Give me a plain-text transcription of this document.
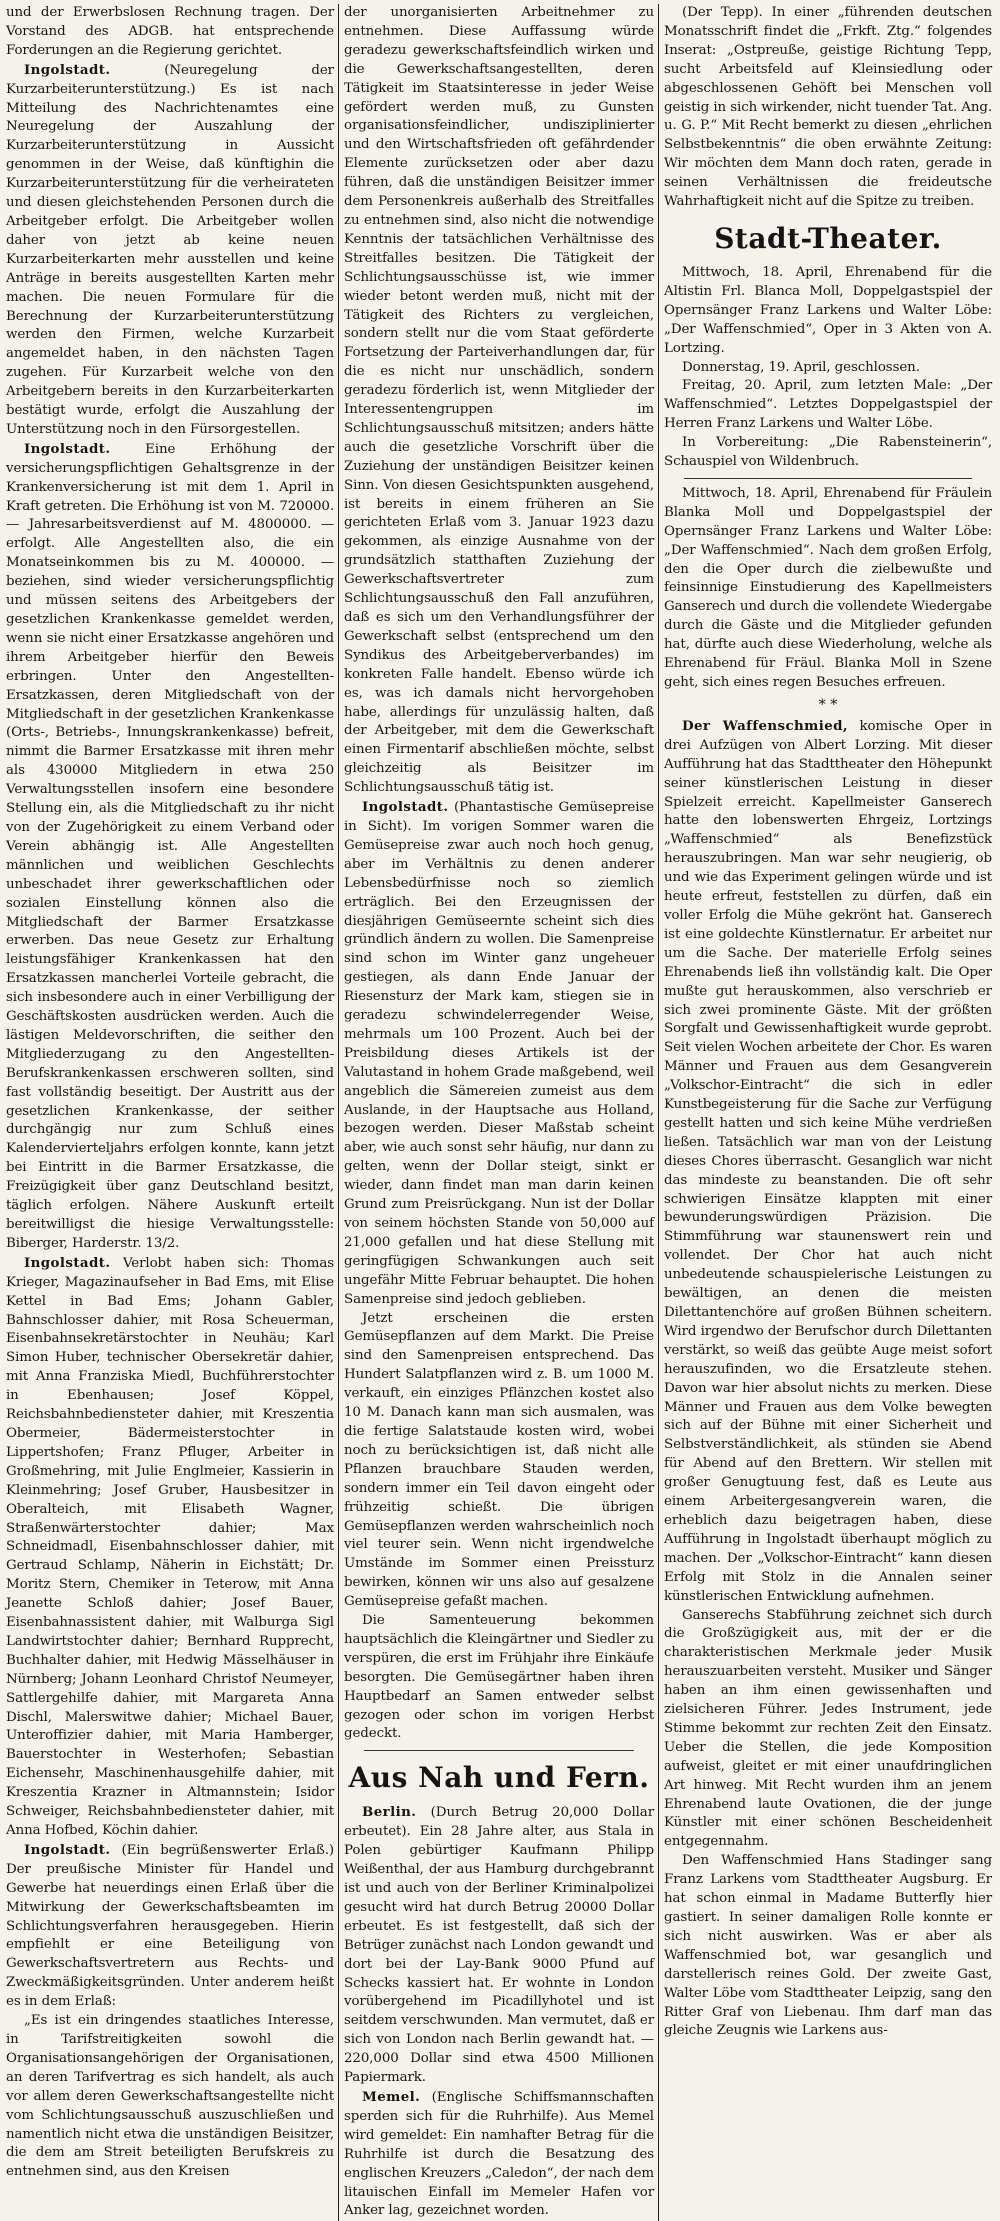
und der Erwerbslosen Rechnung tragen. Der Vorstand des ADGB. hat entsprechende Forderungen an die Regierung gerichtet.

Ingolstadt. (Neuregelung der Kurzarbeiterunterstützung.) Es ist nach Mitteilung des Nachrichtenamtes eine Neuregelung der Auszahlung der Kurzarbeiterunterstützung in Aussicht genommen in der Weise, daß künftighin die Kurzarbeiterunterstützung für die verheirateten und diesen gleichstehenden Personen durch die Arbeitgeber erfolgt. Die Arbeitgeber wollen daher von jetzt ab keine neuen Kurzarbeiterkarten mehr ausstellen und keine Anträge in bereits ausgestellten Karten mehr machen. Die neuen Formulare für die Berechnung der Kurzarbeiterunterstützung werden den Firmen, welche Kurzarbeit angemeldet haben, in den nächsten Tagen zugehen. Für Kurzarbeit welche von den Arbeitgebern bereits in den Kurzarbeiterkarten bestätigt wurde, erfolgt die Auszahlung der Unterstützung noch in den Fürsorgestellen.

Ingolstadt. Eine Erhöhung der versicherungspflichtigen Gehaltsgrenze in der Krankenversicherung ist mit dem 1. April in Kraft getreten. Die Erhöhung ist von M. 720000. — Jahresarbeitsverdienst auf M. 4800000. — erfolgt. Alle Angestellten also, die ein Monatseinkommen bis zu M. 400000. — beziehen, sind wieder versicherungspflichtig und müssen seitens des Arbeitgebers der gesetzlichen Krankenkasse gemeldet werden, wenn sie nicht einer Ersatzkasse angehören und ihrem Arbeitgeber hierfür den Beweis erbringen. Unter den Angestellten-Ersatzkassen, deren Mitgliedschaft von der Mitgliedschaft in der gesetzlichen Krankenkasse (Orts-, Betriebs-, Innungskrankenkasse) befreit, nimmt die Barmer Ersatzkasse mit ihren mehr als 430000 Mitgliedern in etwa 250 Verwaltungsstellen insofern eine besondere Stellung ein, als die Mitgliedschaft zu ihr nicht von der Zugehörigkeit zu einem Verband oder Verein abhängig ist. Alle Angestellten männlichen und weiblichen Geschlechts unbeschadet ihrer gewerkschaftlichen oder sozialen Einstellung können also die Mitgliedschaft der Barmer Ersatzkasse erwerben. Das neue Gesetz zur Erhaltung leistungsfähiger Krankenkassen hat den Ersatzkassen mancherlei Vorteile gebracht, die sich insbesondere auch in einer Verbilligung der Geschäftskosten ausdrücken werden. Auch die lästigen Meldevorschriften, die seither den Mitgliederzugang zu den Angestellten-Berufskrankenkassen erschweren sollten, sind fast vollständig beseitigt. Der Austritt aus der gesetzlichen Krankenkasse, der seither durchgängig nur zum Schluß eines Kalendervierteljahrs erfolgen konnte, kann jetzt bei Eintritt in die Barmer Ersatzkasse, die Freizügigkeit über ganz Deutschland besitzt, täglich erfolgen. Nähere Auskunft erteilt bereitwilligst die hiesige Verwaltungsstelle: Biberger, Harderstr. 13/2.

Ingolstadt. Verlobt haben sich: Thomas Krieger, Magazinaufseher in Bad Ems, mit Elise Kettel in Bad Ems; Johann Gabler, Bahnschlosser dahier, mit Rosa Scheuerman, Eisenbahnsekretärstochter in Neuhäu; Karl Simon Huber, technischer Obersekretär dahier, mit Anna Franziska Miedl, Buchführerstochter in Ebenhausen; Josef Köppel, Reichsbahnbediensteter dahier, mit Kreszentia Obermeier, Bädermeisterstochter in Lippertshofen; Franz Pfluger, Arbeiter in Großmehring, mit Julie Englmeier, Kassierin in Kleinmehring; Josef Gruber, Hausbesitzer in Oberalteich, mit Elisabeth Wagner, Straßenwärterstochter dahier; Max Schneidmadl, Eisenbahnschlosser dahier, mit Gertraud Schlamp, Näherin in Eichstätt; Dr. Moritz Stern, Chemiker in Teterow, mit Anna Jeanette Schloß dahier; Josef Bauer, Eisenbahnassistent dahier, mit Walburga Sigl Landwirtstochter dahier; Bernhard Rupprecht, Buchhalter dahier, mit Hedwig Mässelhäuser in Nürnberg; Johann Leonhard Christof Neumeyer, Sattlergehilfe dahier, mit Margareta Anna Dischl, Malerswitwe dahier; Michael Bauer, Unteroffizier dahier, mit Maria Hamberger, Bauerstochter in Westerhofen; Sebastian Eichensehr, Maschinenhausgehilfe dahier, mit Kreszentia Krazner in Altmannstein; Isidor Schweiger, Reichsbahnbediensteter dahier, mit Anna Hofbed, Köchin dahier.

Ingolstadt. (Ein begrüßenswerter Erlaß.) Der preußische Minister für Handel und Gewerbe hat neuerdings einen Erlaß über die Mitwirkung der Gewerkschaftsbeamten im Schlichtungsverfahren herausgegeben. Hierin empfiehlt er eine Beteiligung von Gewerkschaftsvertretern aus Rechts- und Zweckmäßigkeitsgründen. Unter anderem heißt es in dem Erlaß:

„Es ist ein dringendes staatliches Interesse, in Tarifstreitigkeiten sowohl die Organisationsangehörigen der Organisationen, an deren Tarifvertrag es sich handelt, als auch vor allem deren Gewerkschaftsangestellte nicht vom Schlichtungsausschuß auszuschließen und namentlich nicht etwa die unständigen Beisitzer, die dem am Streit beteiligten Berufskreis zu entnehmen sind, aus den Kreisen

der unorganisierten Arbeitnehmer zu entnehmen. Diese Auffassung würde geradezu gewerkschaftsfeindlich wirken und die Gewerkschaftsangestellten, deren Tätigkeit im Staatsinteresse in jeder Weise gefördert werden muß, zu Gunsten organisationsfeindlicher, undisziplinierter und den Wirtschaftsfrieden oft gefährdender Elemente zurücksetzen oder aber dazu führen, daß die unständigen Beisitzer immer dem Personenkreis außerhalb des Streitfalles zu entnehmen sind, also nicht die notwendige Kenntnis der tatsächlichen Verhältnisse des Streitfalles besitzen. Die Tätigkeit der Schlichtungsausschüsse ist, wie immer wieder betont werden muß, nicht mit der Tätigkeit des Richters zu vergleichen, sondern stellt nur die vom Staat geförderte Fortsetzung der Parteiverhandlungen dar, für die es nicht nur unschädlich, sondern geradezu förderlich ist, wenn Mitglieder der Interessentengruppen im Schlichtungsausschuß mitsitzen; anders hätte auch die gesetzliche Vorschrift über die Zuziehung der unständigen Beisitzer keinen Sinn. Von diesen Gesichtspunkten ausgehend, ist bereits in einem früheren an Sie gerichteten Erlaß vom 3. Januar 1923 dazu gekommen, als einzige Ausnahme von der grundsätzlich statthaften Zuziehung der Gewerkschaftsvertreter zum Schlichtungsausschuß den Fall anzuführen, daß es sich um den Verhandlungsführer der Gewerkschaft selbst (entsprechend um den Syndikus des Arbeitgeberverbandes) im konkreten Falle handelt. Ebenso würde ich es, was ich damals nicht hervorgehoben habe, allerdings für unzulässig halten, daß der Arbeitgeber, mit dem die Gewerkschaft einen Firmentarif abschließen möchte, selbst gleichzeitig als Beisitzer im Schlichtungsausschuß tätig ist.

Ingolstadt. (Phantastische Gemüsepreise in Sicht). Im vorigen Sommer waren die Gemüsepreise zwar auch noch hoch genug, aber im Verhältnis zu denen anderer Lebensbedürfnisse noch so ziemlich erträglich. Bei den Erzeugnissen der diesjährigen Gemüseernte scheint sich dies gründlich ändern zu wollen. Die Samenpreise sind schon im Winter ganz ungeheuer gestiegen, als dann Ende Januar der Riesensturz der Mark kam, stiegen sie in geradezu schwindelerregender Weise, mehrmals um 100 Prozent. Auch bei der Preisbildung dieses Artikels ist der Valutastand in hohem Grade maßgebend, weil angeblich die Sämereien zumeist aus dem Auslande, in der Hauptsache aus Holland, bezogen werden. Dieser Maßstab scheint aber, wie auch sonst sehr häufig, nur dann zu gelten, wenn der Dollar steigt, sinkt er wieder, dann findet man man darin keinen Grund zum Preisrückgang. Nun ist der Dollar von seinem höchsten Stande von 50,000 auf 21,000 gefallen und hat diese Stellung mit geringfügigen Schwankungen auch seit ungefähr Mitte Februar behauptet. Die hohen Samenpreise sind jedoch geblieben.

Jetzt erscheinen die ersten Gemüsepflanzen auf dem Markt. Die Preise sind den Samenpreisen entsprechend. Das Hundert Salatpflanzen wird z. B. um 1000 M. verkauft, ein einziges Pflänzchen kostet also 10 M. Danach kann man sich ausmalen, was die fertige Salatstaude kosten wird, wobei noch zu berücksichtigen ist, daß nicht alle Pflanzen brauchbare Stauden werden, sondern immer ein Teil davon eingeht oder frühzeitig schießt. Die übrigen Gemüsepflanzen werden wahrscheinlich noch viel teurer sein. Wenn nicht irgendwelche Umstände im Sommer einen Preissturz bewirken, können wir uns also auf gesalzene Gemüsepreise gefaßt machen.

Die Samenteuerung bekommen hauptsächlich die Kleingärtner und Siedler zu verspüren, die erst im Frühjahr ihre Einkäufe besorgten. Die Gemüsegärtner haben ihren Hauptbedarf an Samen entweder selbst gezogen oder schon im vorigen Herbst gedeckt.

Aus Nah und Fern.

Berlin. (Durch Betrug 20,000 Dollar erbeutet). Ein 28 Jahre alter, aus Stala in Polen gebürtiger Kaufmann Philipp Weißenthal, der aus Hamburg durchgebrannt ist und auch von der Berliner Kriminalpolizei gesucht wird hat durch Betrug 20000 Dollar erbeutet. Es ist festgestellt, daß sich der Betrüger zunächst nach London gewandt und dort bei der Lay-Bank 9000 Pfund auf Schecks kassiert hat. Er wohnte in London vorübergehend im Picadillyhotel und ist seitdem verschwunden. Man vermutet, daß er sich von London nach Berlin gewandt hat. — 220,000 Dollar sind etwa 4500 Millionen Papiermark.

Memel. (Englische Schiffsmannschaften sperden sich für die Ruhrhilfe). Aus Memel wird gemeldet: Ein namhafter Betrag für die Ruhrhilfe ist durch die Besatzung des englischen Kreuzers „Caledon“, der nach dem litauischen Einfall im Memeler Hafen vor Anker lag, gezeichnet worden.

(Der Tepp). In einer „führenden deutschen Monatsschrift findet die „Frkft. Ztg.“ folgendes Inserat: „Ostpreuße, geistige Richtung Tepp, sucht Arbeitsfeld auf Kleinsiedlung oder abgeschlossenen Gehöft bei Menschen voll geistig in sich wirkender, nicht tuender Tat. Ang. u. G. P.“ Mit Recht bemerkt zu diesen „ehrlichen Selbstbekenntnis“ die oben erwähnte Zeitung: Wir möchten dem Mann doch raten, gerade in seinen Verhältnissen die freideutsche Wahrhaftigkeit nicht auf die Spitze zu treiben.

Stadt-Theater.

Mittwoch, 18. April, Ehrenabend für die Altistin Frl. Blanca Moll, Doppelgastspiel der Opernsänger Franz Larkens und Walter Löbe: „Der Waffenschmied“, Oper in 3 Akten von A. Lortzing.

Donnerstag, 19. April, geschlossen.

Freitag, 20. April, zum letzten Male: „Der Waffenschmied“. Letztes Doppelgastspiel der Herren Franz Larkens und Walter Löbe.

In Vorbereitung: „Die Rabensteinerin“, Schauspiel von Wildenbruch.

Mittwoch, 18. April, Ehrenabend für Fräulein Blanka Moll und Doppelgastspiel der Opernsänger Franz Larkens und Walter Löbe: „Der Waffenschmied“. Nach dem großen Erfolg, den die Oper durch die zielbewußte und feinsinnige Einstudierung des Kapellmeisters Ganserech und durch die vollendete Wiedergabe durch die Gäste und die Mitglieder gefunden hat, dürfte auch diese Wiederholung, welche als Ehrenabend für Fräul. Blanka Moll in Szene geht, sich eines regen Besuches erfreuen.

* *

Der Waffenschmied, komische Oper in drei Aufzügen von Albert Lorzing. Mit dieser Aufführung hat das Stadttheater den Höhepunkt seiner künstlerischen Leistung in dieser Spielzeit erreicht. Kapellmeister Ganserech hatte den lobenswerten Ehrgeiz, Lortzings „Waffenschmied“ als Benefizstück herauszubringen. Man war sehr neugierig, ob und wie das Experiment gelingen würde und ist heute erfreut, feststellen zu dürfen, daß ein voller Erfolg die Mühe gekrönt hat. Ganserech ist eine goldechte Künstlernatur. Er arbeitet nur um die Sache. Der materielle Erfolg seines Ehrenabends ließ ihn vollständig kalt. Die Oper mußte gut herauskommen, also verschrieb er sich zwei prominente Gäste. Mit der größten Sorgfalt und Gewissenhaftigkeit wurde geprobt. Seit vielen Wochen arbeitete der Chor. Es waren Männer und Frauen aus dem Gesangverein „Volkschor-Eintracht“ die sich in edler Kunstbegeisterung für die Sache zur Verfügung gestellt hatten und sich keine Mühe verdrießen ließen. Tatsächlich war man von der Leistung dieses Chores überrascht. Gesanglich war nicht das mindeste zu beanstanden. Die oft sehr schwierigen Einsätze klappten mit einer bewunderungswürdigen Präzision. Die Stimmführung war staunenswert rein und vollendet. Der Chor hat auch nicht unbedeutende schauspielerische Leistungen zu bewältigen, an denen die meisten Dilettantenchöre auf großen Bühnen scheitern. Wird irgendwo der Berufschor durch Dilettanten verstärkt, so weiß das geübte Auge meist sofort herauszufinden, wo die Ersatzleute stehen. Davon war hier absolut nichts zu merken. Diese Männer und Frauen aus dem Volke bewegten sich auf der Bühne mit einer Sicherheit und Selbstverständlichkeit, als stünden sie Abend für Abend auf den Brettern. Wir stellen mit großer Genugtuung fest, daß es Leute aus einem Arbeitergesangverein waren, die erheblich dazu beigetragen haben, diese Aufführung in Ingolstadt überhaupt möglich zu machen. Der „Volkschor-Eintracht“ kann diesen Erfolg mit Stolz in die Annalen seiner künstlerischen Entwicklung aufnehmen.

Ganserechs Stabführung zeichnet sich durch die Großzügigkeit aus, mit der er die charakteristischen Merkmale jeder Musik herauszuarbeiten versteht. Musiker und Sänger haben an ihm einen gewissenhaften und zielsicheren Führer. Jedes Instrument, jede Stimme bekommt zur rechten Zeit den Einsatz. Ueber die Stellen, die jede Komposition aufweist, gleitet er mit einer unaufdringlichen Art hinweg. Mit Recht wurden ihm an jenem Ehrenabend laute Ovationen, die der junge Künstler mit einer schönen Bescheidenheit entgegennahm.

Den Waffenschmied Hans Stadinger sang Franz Larkens vom Stadttheater Augsburg. Er hat schon einmal in Madame Butterfly hier gastiert. In seiner damaligen Rolle konnte er sich nicht auswirken. Was er aber als Waffenschmied bot, war gesanglich und darstellerisch reines Gold. Der zweite Gast, Walter Löbe vom Stadttheater Leipzig, sang den Ritter Graf von Liebenau. Ihm darf man das gleiche Zeugnis wie Larkens aus-
